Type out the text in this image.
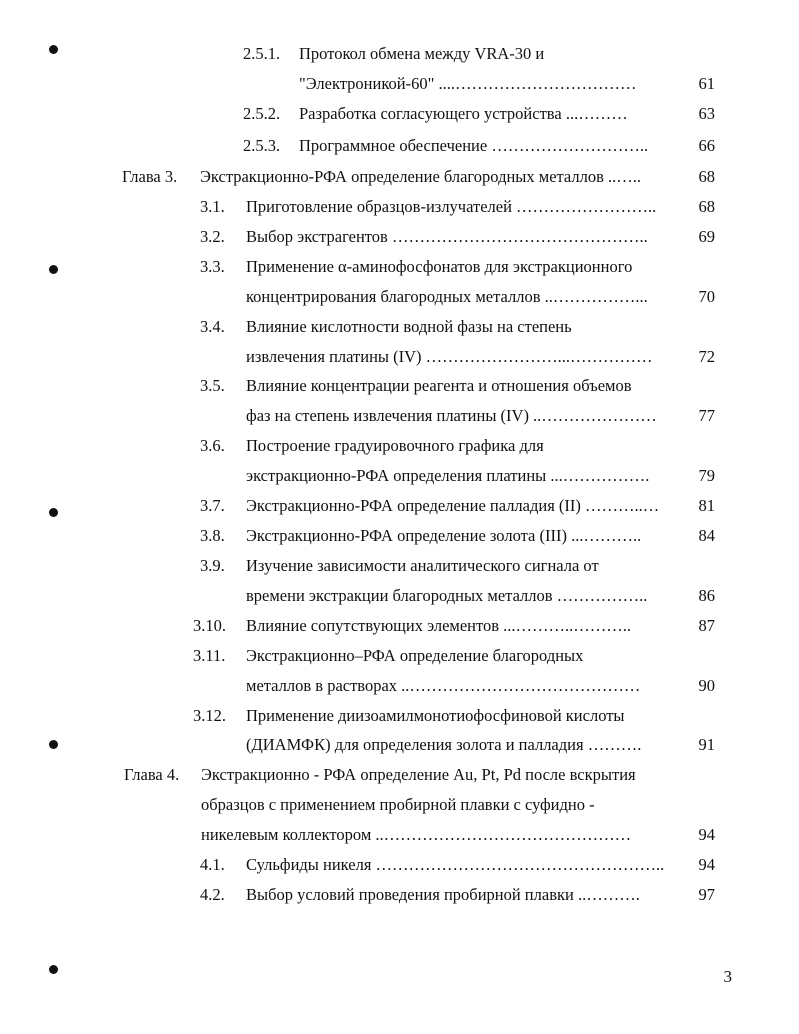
2.5.1. Протокол обмена между VRA-30 и
"Электроникой-60" ....……………………………	61
2.5.2. Разработка согласующего устройства ...………	63
2.5.3. Программное обеспечение ………………………..	66
Глава 3. Экстракционно-РФА определение благородных металлов ..…..	68
3.1. Приготовление образцов-излучателей ……………………..	68
3.2. Выбор экстрагентов ………………………………………..	69
3.3. Применение α-аминофосфонатов для экстракционного
концентрирования благородных металлов ..……………...	70
3.4. Влияние кислотности водной фазы на степень
извлечения платины (IV) ……………………...……………	72
3.5. Влияние концентрации реагента и отношения объемов
фаз на степень извлечения платины (IV) ..…………………	77
3.6. Построение градуировочного графика для
экстракционно-РФА определения платины ...…………….	79
3.7. Экстракционно-РФА определение палладия (II) ………..…	81
3.8. Экстракционно-РФА определение золота (III) ...………..	84
3.9. Изучение зависимости аналитического сигнала от
времени экстракции благородных металлов ……………..	86
3.10. Влияние сопутствующих элементов ...………..………..	87
3.11. Экстракционно–РФА определение благородных
металлов в растворах ..……………………………………	90
3.12. Применение диизоамилмонотиофосфиновой кислоты
(ДИАМФК) для определения золота и палладия ……….	91
Глава 4. Экстракционно - РФА определение Au, Pt, Pd после вскрытия
образцов с применением пробирной плавки с суфидно -
никелевым коллектором ..………………………………………	94
4.1. Сульфиды никеля ……………………………………………..	94
4.2. Выбор условий проведения пробирной плавки ..……….	97
3
